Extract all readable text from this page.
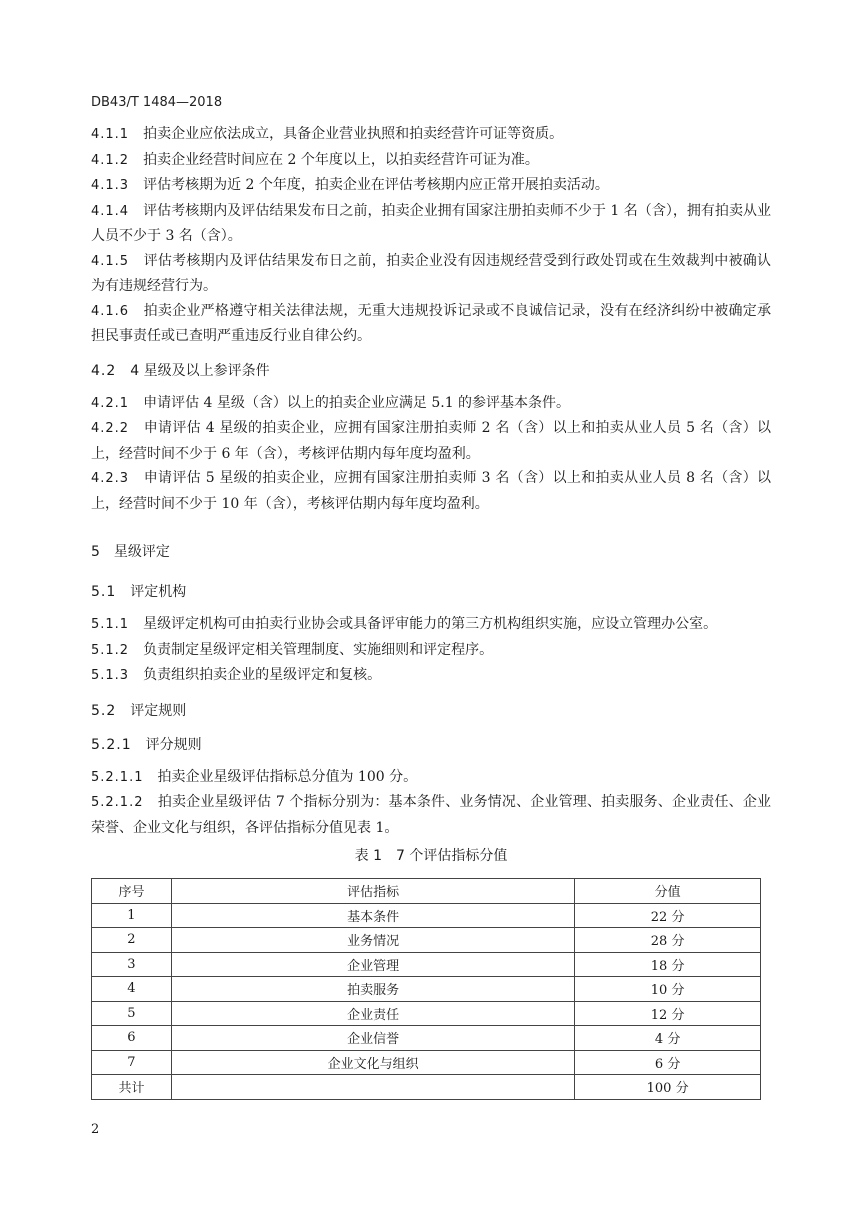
DB43/T 1484—2018

4.1.1　 拍卖企业应依法成立，具备企业营业执照和拍卖经营许可证等资质。

4.1.2　 拍卖企业经营时间应在 2 个年度以上，以拍卖经营许可证为准。

4.1.3　 评估考核期为近 2 个年度，拍卖企业在评估考核期内应正常开展拍卖活动。

4.1.4　 评估考核期内及评估结果发布日之前，拍卖企业拥有国家注册拍卖师不少于 1 名（含），拥有拍卖从业人员不少于 3 名（含）。

4.1.5　 评估考核期内及评估结果发布日之前，拍卖企业没有因违规经营受到行政处罚或在生效裁判中被确认为有违规经营行为。

4.1.6　 拍卖企业严格遵守相关法律法规，无重大违规投诉记录或不良诚信记录，没有在经济纠纷中被确定承担民事责任或已查明严重违反行业自律公约。

4.2　 4 星级及以上参评条件

4.2.1　 申请评估 4 星级（含）以上的拍卖企业应满足 5.1 的参评基本条件。

4.2.2　 申请评估 4 星级的拍卖企业，应拥有国家注册拍卖师 2 名（含）以上和拍卖从业人员 5 名（含）以上，经营时间不少于 6 年（含），考核评估期内每年度均盈利。

4.2.3　 申请评估 5 星级的拍卖企业，应拥有国家注册拍卖师 3 名（含）以上和拍卖从业人员 8 名（含）以上，经营时间不少于 10 年（含），考核评估期内每年度均盈利。

5　 星级评定
5.1　 评定机构

5.1.1　 星级评定机构可由拍卖行业协会或具备评审能力的第三方机构组织实施，应设立管理办公室。

5.1.2　 负责制定星级评定相关管理制度、实施细则和评定程序。

5.1.3　 负责组织拍卖企业的星级评定和复核。

5.2　 评定规则
5.2.1　 评分规则

5.2.1.1　 拍卖企业星级评估指标总分值为 100 分。

5.2.1.2　 拍卖企业星级评估 7 个指标分别为：基本条件、业务情况、企业管理、拍卖服务、企业责任、企业荣誉、企业文化与组织，各评估指标分值见表 1。

表 1　7 个评估指标分值
序号	评估指标	分值
1	基本条件	22 分
2	业务情况	28 分
3	企业管理	18 分
4	拍卖服务	10 分
5	企业责任	12 分
6	企业信誉	4 分
7	企业文化与组织	6 分
共计		100 分
2
